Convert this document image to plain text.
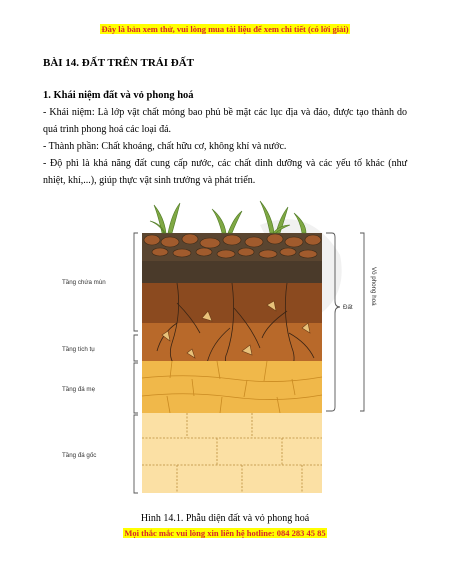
Đây là bản xem thử, vui lòng mua tài liệu để xem chi tiết (có lời giải)
BÀI 14. ĐẤT TRÊN TRÁI ĐẤT
1. Khái niệm đất và vỏ phong hoá
- Khái niệm: Là lớp vật chất mỏng bao phủ bề mặt các lục địa và đảo, được tạo thành do quá trình phong hoá các loại đá.
- Thành phần: Chất khoáng, chất hữu cơ, không khí và nước.
- Độ phì là khả năng đất cung cấp nước, các chất dinh dưỡng và các yếu tố khác (như nhiệt, khí,...), giúp thực vật sinh trưởng và phát triển.
Tầng chứa mùn
Tầng tích tụ
Tầng đá mẹ
Tầng đá gốc
Đất
Vỏ phong hoá
Hình 14.1. Phẫu diện đất và vỏ phong hoá
Mọi thắc mắc vui lòng xin liên hệ hotline: 084 283 45 85
